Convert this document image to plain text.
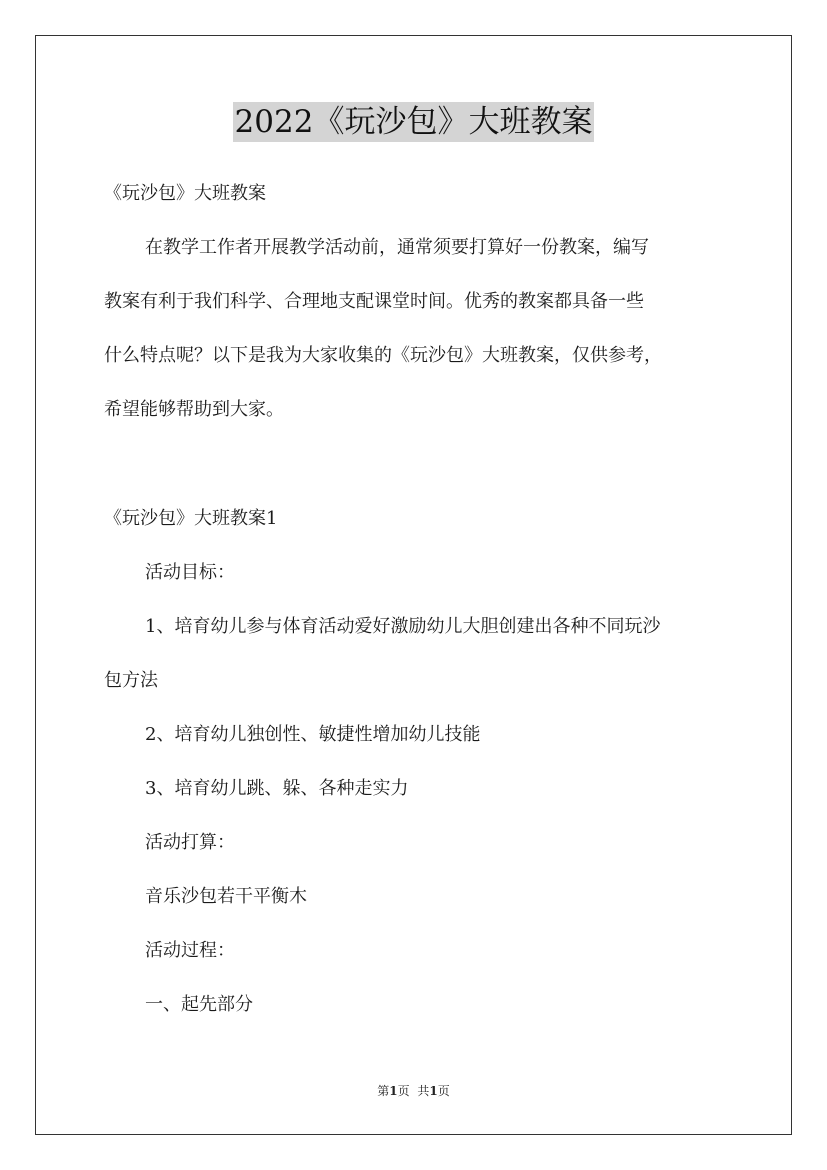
2022《玩沙包》大班教案
《玩沙包》大班教案
在教学工作者开展教学活动前，通常须要打算好一份教案，编写
教案有利于我们科学、合理地支配课堂时间。优秀的教案都具备一些
什么特点呢？以下是我为大家收集的《玩沙包》大班教案，仅供参考，
希望能够帮助到大家。
《玩沙包》大班教案1
活动目标：
1、培育幼儿参与体育活动爱好激励幼儿大胆创建出各种不同玩沙
包方法
2、培育幼儿独创性、敏捷性增加幼儿技能
3、培育幼儿跳、躲、各种走实力
活动打算：
音乐沙包若干平衡木
活动过程：
一、起先部分
第1页 共1页
